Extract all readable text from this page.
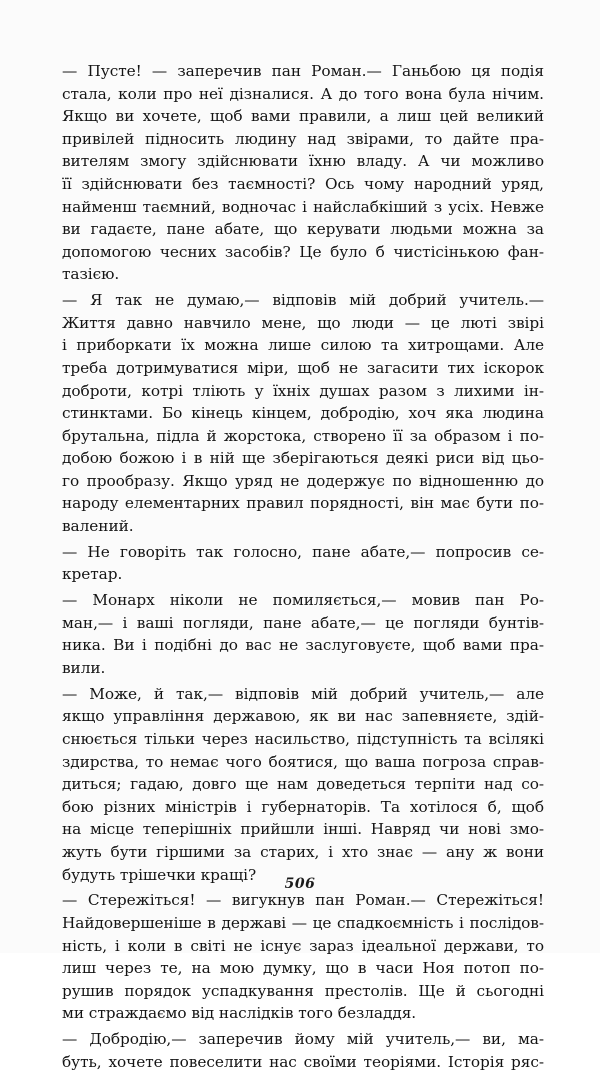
— Пусте! — заперечив пан Роман.— Ганьбою ця подія
стала, коли про неї дізналися. А до того вона була нічим.
Якщо ви хочете, щоб вами правили, а лиш цей великий
привілей підносить людину над звірами, то дайте пра-
вителям змогу здійснювати їхню владу. А чи можливо
її здійснювати без таємності? Ось чому народний уряд,
найменш таємний, водночас і найслабкіший з усіх. Невже
ви гадаєте, пане абате, що керувати людьми можна за
допомогою чесних засобів? Це було б чистісінькою фан-
тазією.
— Я так не думаю,— відповів мій добрий учитель.—
Життя давно навчило мене, що люди — це люті звірі
і приборкати їх можна лише силою та хитрощами. Але
треба дотримуватися міри, щоб не загасити тих іскорок
доброти, котрі тліють у їхніх душах разом з лихими ін-
стинктами. Бо кінець кінцем, добродію, хоч яка людина
брутальна, підла й жорстока, створено її за образом і по-
добою божою і в ній ще зберігаються деякі риси від цьо-
го прообразу. Якщо уряд не додержує по відношенню до
народу елементарних правил порядності, він має бути по-
валений.
— Не говоріть так голосно, пане абате,— попросив се-
кретар.
— Монарх ніколи не помиляється,— мовив пан Ро-
ман,— і ваші погляди, пане абате,— це погляди бунтів-
ника. Ви і подібні до вас не заслуговуєте, щоб вами пра-
вили.
— Може, й так,— відповів мій добрий учитель,— але
якщо управління державою, як ви нас запевняєте, здій-
снюється тільки через насильство, підступність та всілякі
здирства, то немає чого боятися, що ваша погроза справ-
диться; гадаю, довго ще нам доведеться терпіти над со-
бою різних міністрів і губернаторів. Та хотілося б, щоб
на місце теперішніх прийшли інші. Навряд чи нові змо-
жуть бути гіршими за старих, і хто знає — ану ж вони
будуть трішечки кращі?
— Стережіться! — вигукнув пан Роман.— Стережіться!
Найдовершеніше в державі — це спадкоємність і послідов-
ність, і коли в світі не існує зараз ідеальної держави, то
лиш через те, на мою думку, що в часи Ноя потоп по-
рушив порядок успадкування престолів. Ще й сьогодні
ми страждаємо від наслідків того безладдя.
— Добродію,— заперечив йому мій учитель,— ви, ма-
буть, хочете повеселити нас своїми теоріями. Історія ряс-
506
